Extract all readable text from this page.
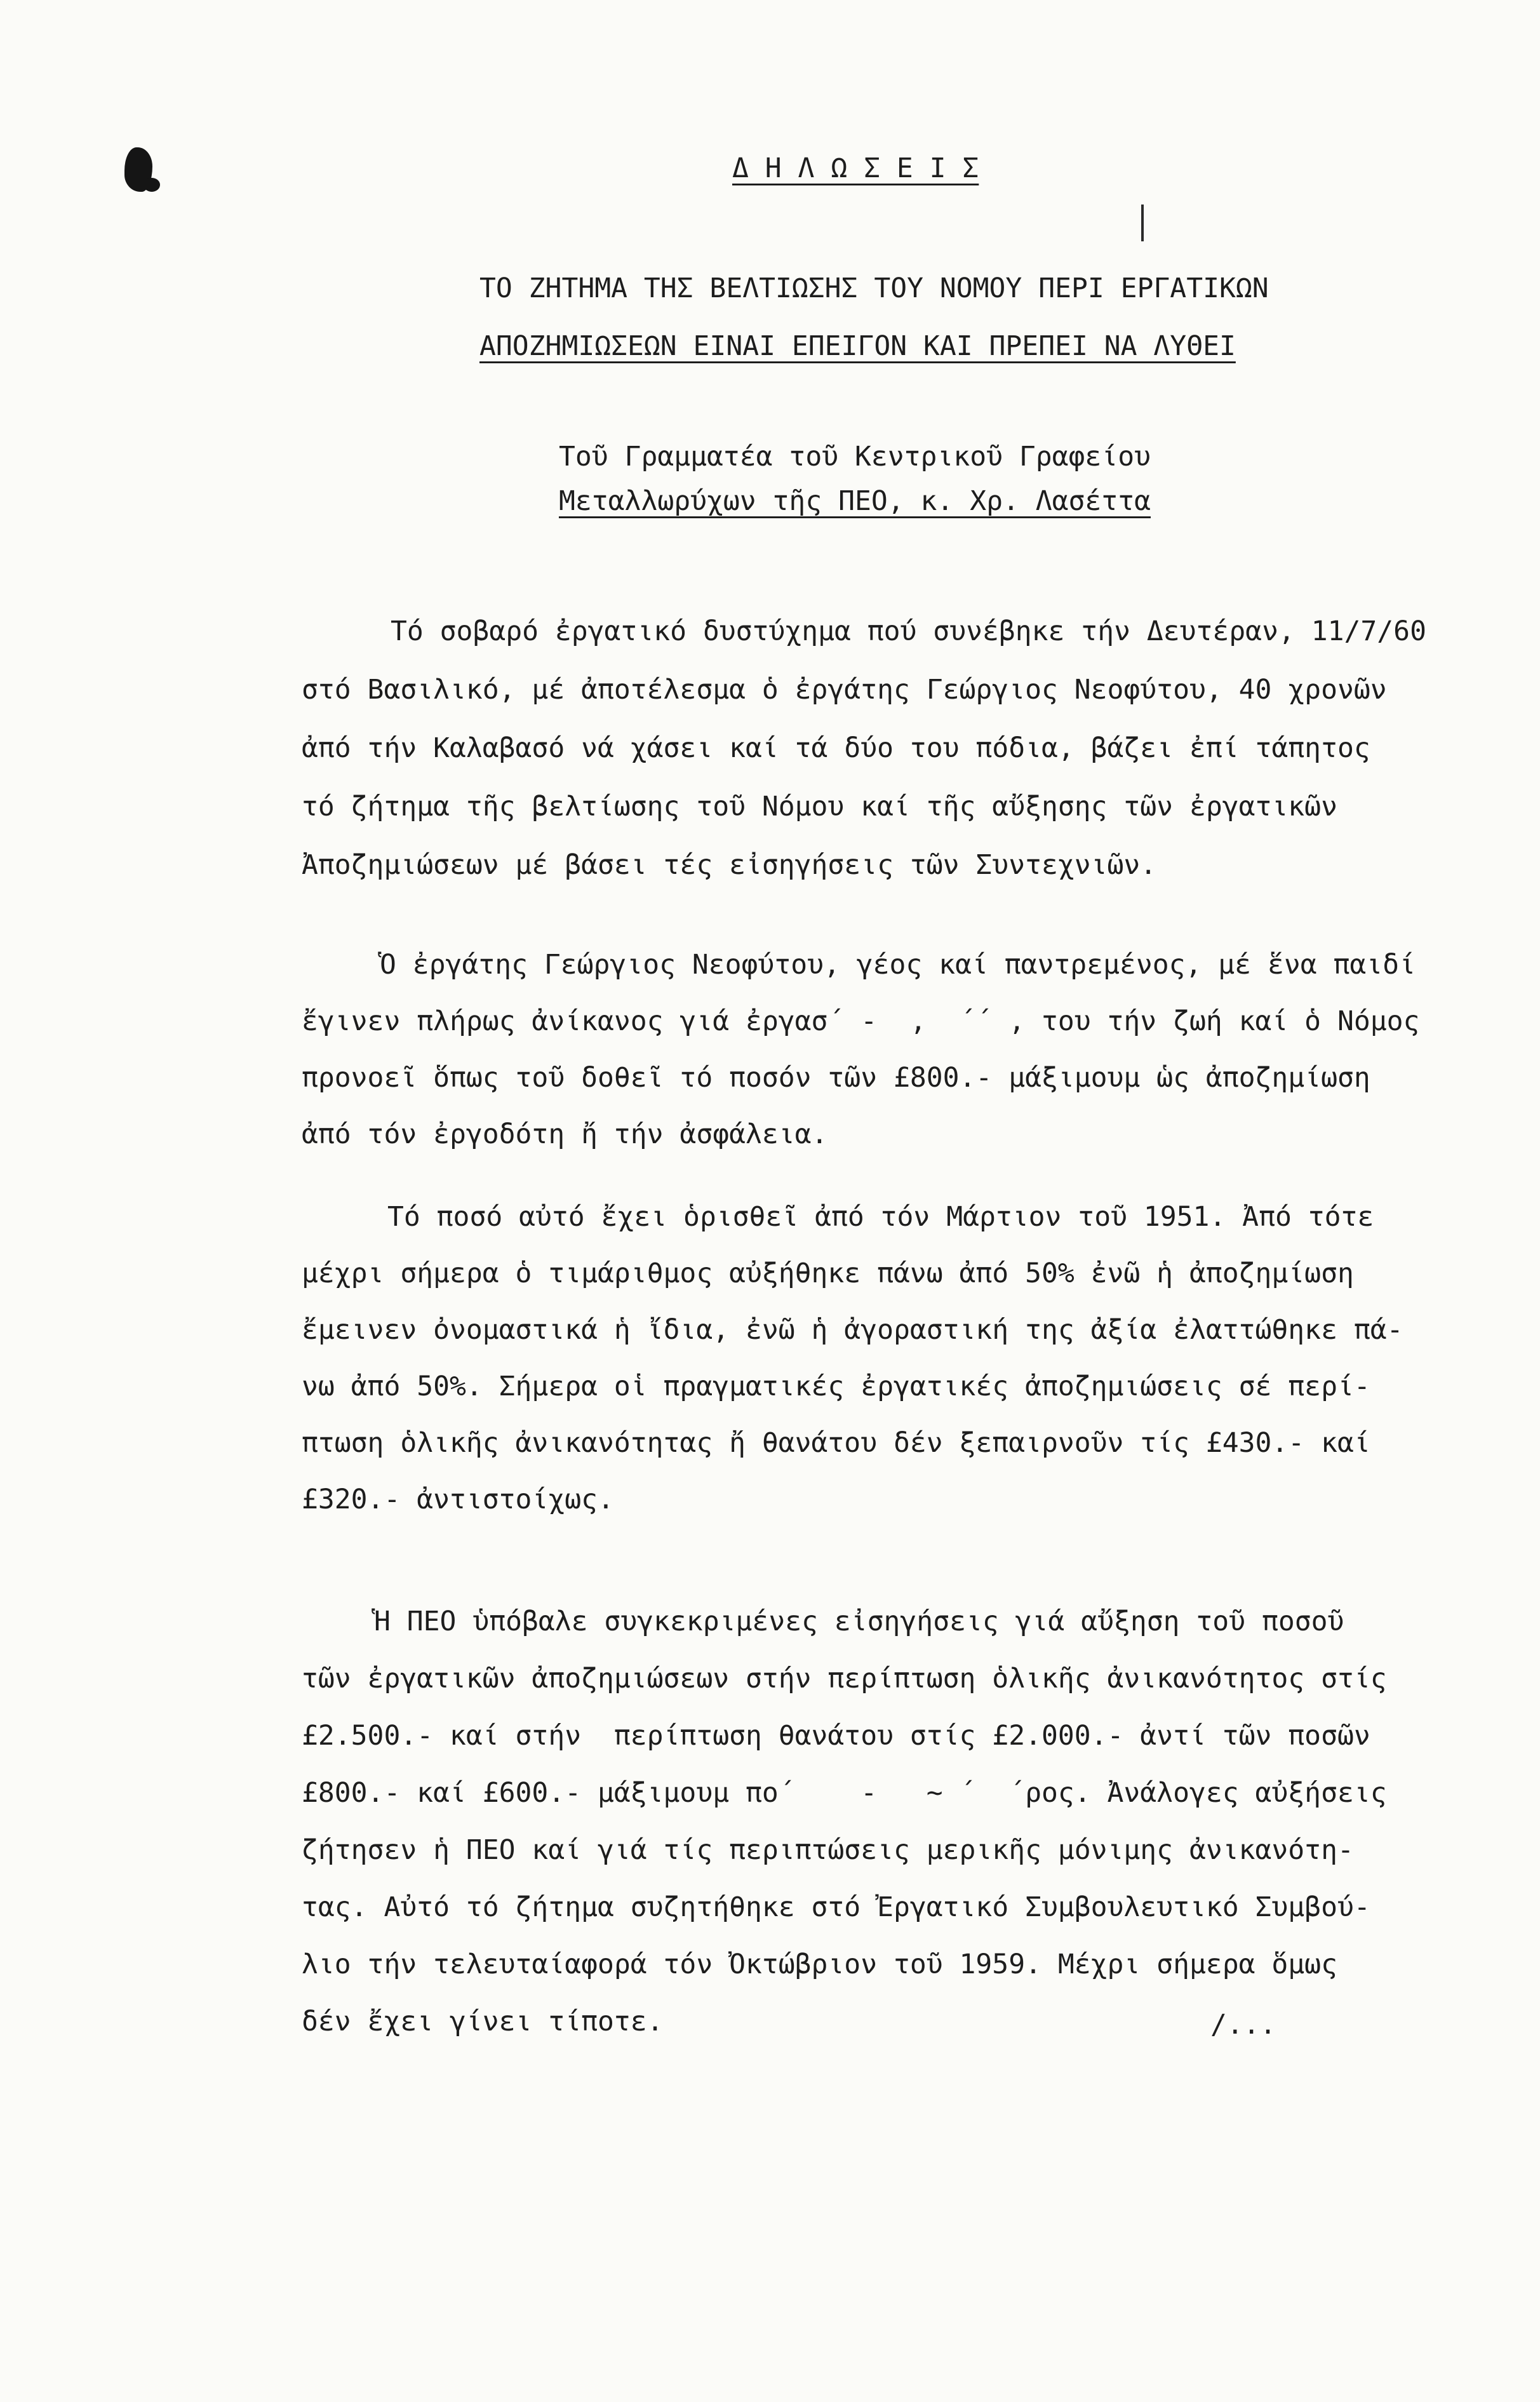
Δ Η Λ Ω Σ Ε Ι Σ
ΤΟ ΖΗΤΗΜΑ ΤΗΣ ΒΕΛΤΙΩΣΗΣ ΤΟΥ ΝΟΜΟΥ ΠΕΡΙ ΕΡΓΑΤΙΚΩΝ
ΑΠΟΖΗΜΙΩΣΕΩΝ ΕΙΝΑΙ ΕΠΕΙΓΟΝ ΚΑΙ ΠΡΕΠΕΙ ΝΑ ΛΥΘΕΙ
Τοῦ Γραμματέα τοῦ Κεντρικοῦ Γραφείου
Μεταλλωρύχων τῆς ΠΕΟ, κ. Χρ. Λασέττα
Τό σοβαρό ἐργατικό δυστύχημα πού συνέβηκε τήν Δευτέραν, 11/7/60
στό Βασιλικό, μέ ἀποτέλεσμα ὁ ἐργάτης Γεώργιος Νεοφύτου, 40 χρονῶν
ἀπό τήν Καλαβασό νά χάσει καί τά δύο του πόδια, βάζει ἐπί τάπητος
τό ζήτημα τῆς βελτίωσης τοῦ Νόμου καί τῆς αὔξησης τῶν ἐργατικῶν
Ἀποζημιώσεων μέ βάσει τές εἰσηγήσεις τῶν Συντεχνιῶν.
Ὁ ἐργάτης Γεώργιος Νεοφύτου, γέος καί παντρεμένος, μέ ἕνα παιδί
ἔγινεν πλήρως ἀνίκανος γιά ἐργασ΄ -  ,  ΄΄ , του τήν ζωή καί ὁ Νόμος
προνοεῖ ὅπως τοῦ δοθεῖ τό ποσόν τῶν £800.- μάξιμουμ ὡς ἀποζημίωση
ἀπό τόν ἐργοδότη ἤ τήν ἀσφάλεια.
Τό ποσό αὐτό ἔχει ὁρισθεῖ ἀπό τόν Μάρτιον τοῦ 1951. Ἀπό τότε
μέχρι σήμερα ὁ τιμάριθμος αὐξήθηκε πάνω ἀπό 50% ἐνῶ ἡ ἀποζημίωση
ἔμεινεν ὀνομαστικά ἡ ἴδια, ἐνῶ ἡ ἀγοραστική της ἀξία ἐλαττώθηκε πά-
νω ἀπό 50%. Σήμερα οἱ πραγματικές ἐργατικές ἀποζημιώσεις σέ περί-
πτωση ὁλικῆς ἀνικανότητας ἤ θανάτου δέν ξεπαιρνοῦν τίς £430.- καί
£320.- ἀντιστοίχως.
Ἡ ΠΕΟ ὑπόβαλε συγκεκριμένες εἰσηγήσεις γιά αὔξηση τοῦ ποσοῦ
τῶν ἐργατικῶν ἀποζημιώσεων στήν περίπτωση ὁλικῆς ἀνικανότητος στίς
£2.500.- καί στήν  περίπτωση θανάτου στίς £2.000.- ἀντί τῶν ποσῶν
£800.- καί £600.- μάξιμουμ πο΄    -   ~ ΄  ΄ρος. Ἀνάλογες αὐξήσεις
ζήτησεν ἡ ΠΕΟ καί γιά τίς περιπτώσεις μερικῆς μόνιμης ἀνικανότη-
τας. Αὐτό τό ζήτημα συζητήθηκε στό Ἐργατικό Συμβουλευτικό Συμβού-
λιο τήν τελευταίαφορά τόν Ὀκτώβριον τοῦ 1959. Μέχρι σήμερα ὅμως
δέν ἔχει γίνει τίποτε.	/...
